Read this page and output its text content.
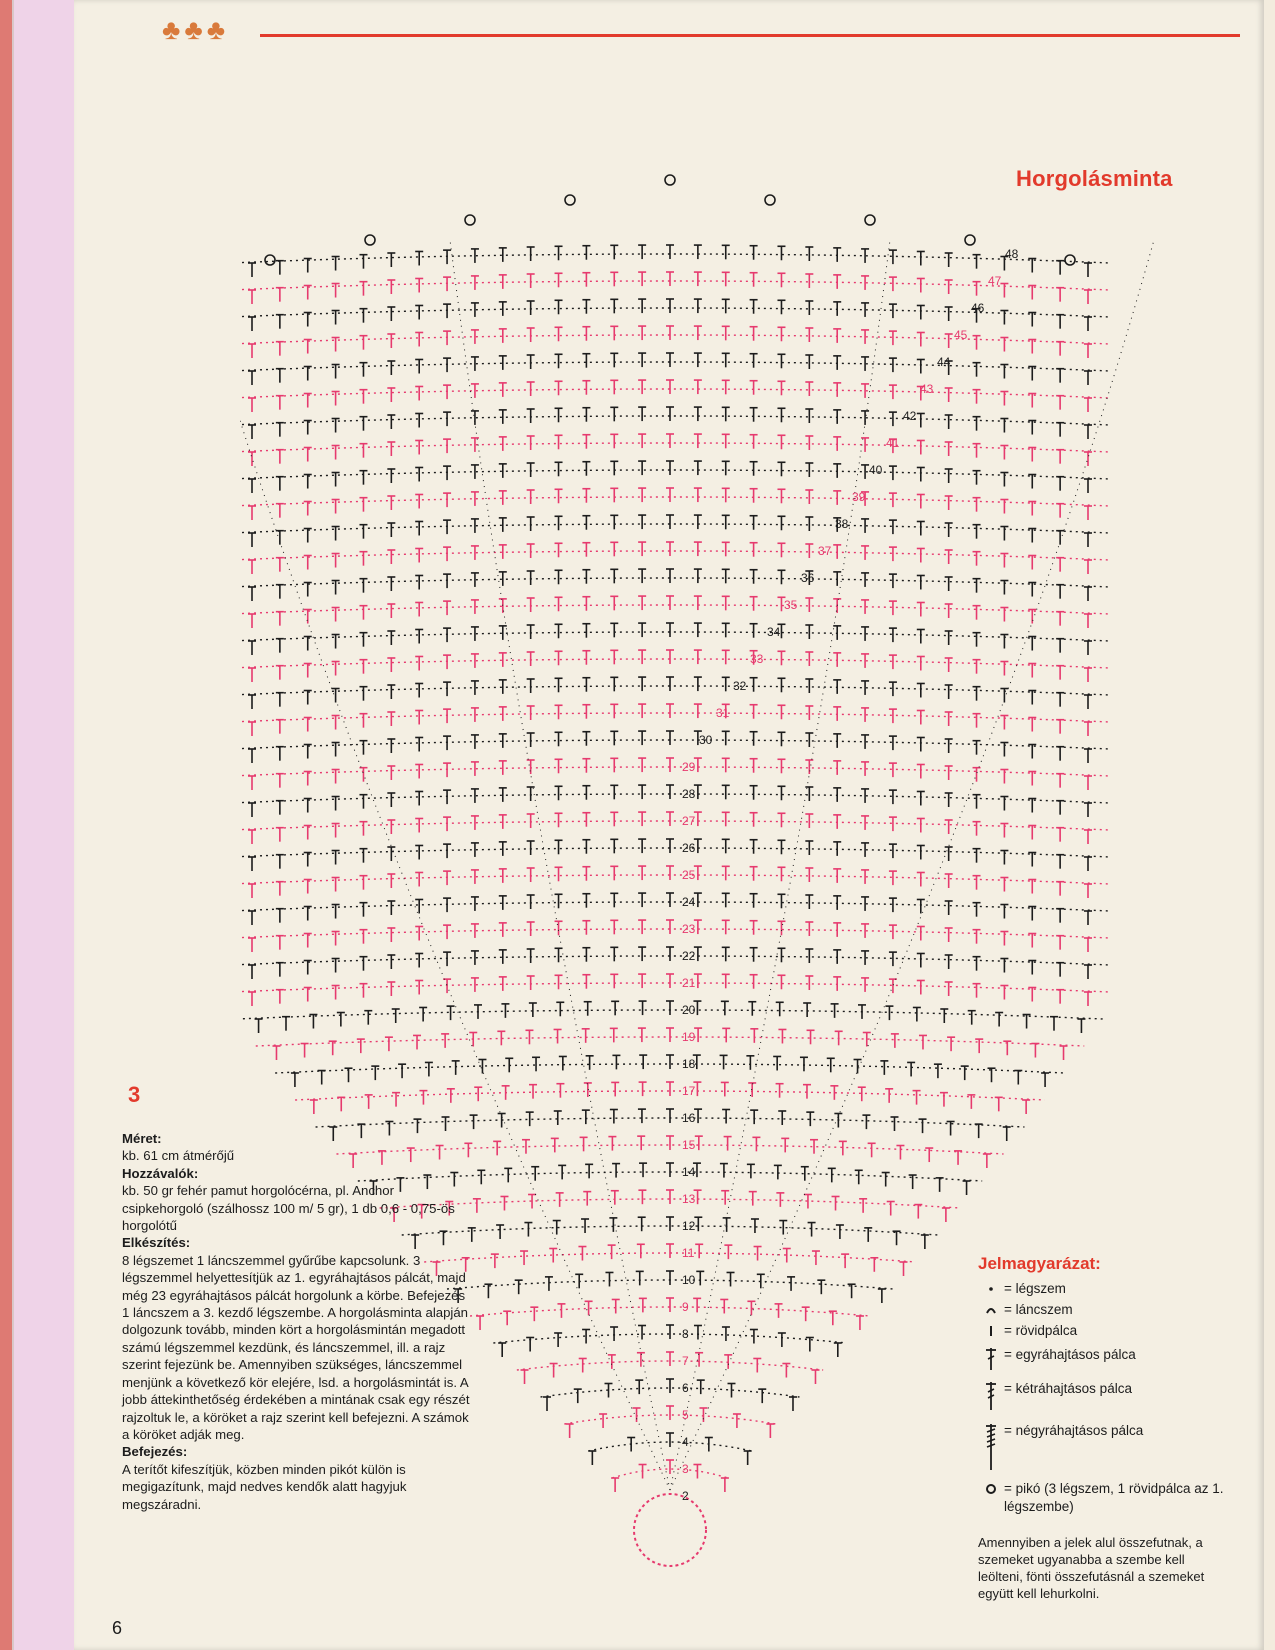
♣♣♣
Horgolásminta
2
3
4
5
6
7
8
9
10
11
12
13
14
15
16
17
18
19
20
21
22
23
24
25
26
27
28
29
30
31
32
33
34
35
36
37
38
39
40
41
42
43
44
45
46
47
48
3

Méret:

kb. 61 cm átmérőjű

Hozzávalók:

kb. 50 gr fehér pamut horgolócérna, pl. Anchor csipkehorgoló (szálhossz 100 m/ 5 gr), 1 db 0,6 - 0,75-ös horgolótű

Elkészítés:

8 légszemet 1 láncszemmel gyűrűbe kapcsolunk. 3 légszemmel helyettesítjük az 1. egyráhajtásos pálcát, majd még 23 egyráhajtásos pálcát horgolunk a körbe. Befejezés 1 láncszem a 3. kezdő légszembe. A horgolásminta alapján dolgozunk tovább, minden kört a horgolásmintán megadott számú légszemmel kezdünk, és láncszemmel, ill. a rajz szerint fejezünk be. Amennyiben szükséges, láncszemmel menjünk a következő kör elejére, lsd. a horgolásmintát is. A jobb áttekinthetőség érdekében a mintának csak egy részét rajzoltuk le, a köröket a rajz szerint kell befejezni. A számok a köröket adják meg.

Befejezés:

A terítőt kifeszítjük, közben minden pikót külön is megigazítunk, majd nedves kendők alatt hagyjuk megszáradni.

6
Jelmagyarázat:
= légszem
= láncszem
= rövidpálca
= egyráhajtásos pálca
= kétráhajtásos pálca
= négyráhajtásos pálca
= pikó (3 légszem, 1 rövidpálca az 1. légszembe)
Amennyiben a jelek alul összefutnak, a szemeket ugyanabba a szembe kell leölteni, fönti összefutásnál a szemeket együtt kell lehurkolni.
